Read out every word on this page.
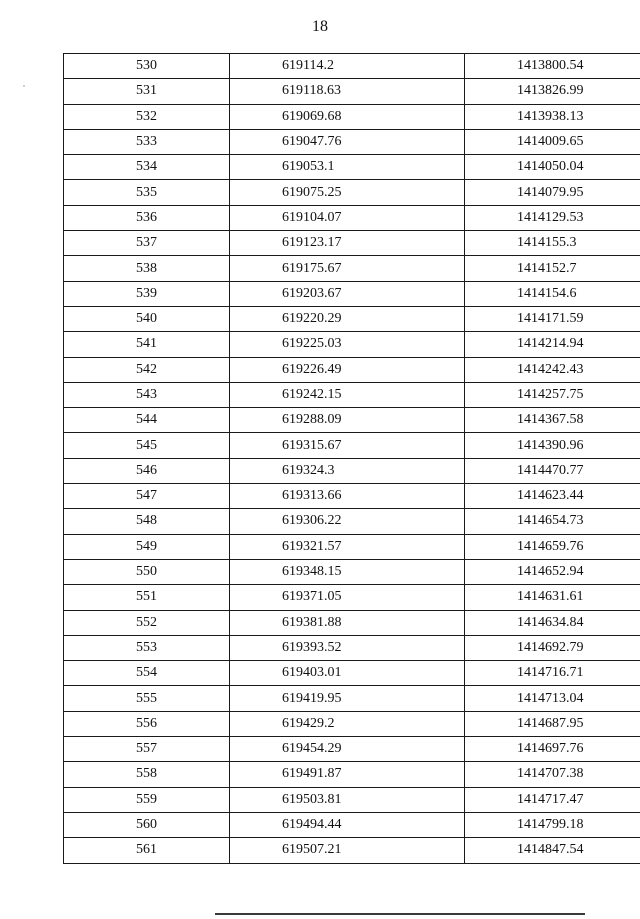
18
530	619114.2	1413800.54
531	619118.63	1413826.99
532	619069.68	1413938.13
533	619047.76	1414009.65
534	619053.1	1414050.04
535	619075.25	1414079.95
536	619104.07	1414129.53
537	619123.17	1414155.3
538	619175.67	1414152.7
539	619203.67	1414154.6
540	619220.29	1414171.59
541	619225.03	1414214.94
542	619226.49	1414242.43
543	619242.15	1414257.75
544	619288.09	1414367.58
545	619315.67	1414390.96
546	619324.3	1414470.77
547	619313.66	1414623.44
548	619306.22	1414654.73
549	619321.57	1414659.76
550	619348.15	1414652.94
551	619371.05	1414631.61
552	619381.88	1414634.84
553	619393.52	1414692.79
554	619403.01	1414716.71
555	619419.95	1414713.04
556	619429.2	1414687.95
557	619454.29	1414697.76
558	619491.87	1414707.38
559	619503.81	1414717.47
560	619494.44	1414799.18
561	619507.21	1414847.54
